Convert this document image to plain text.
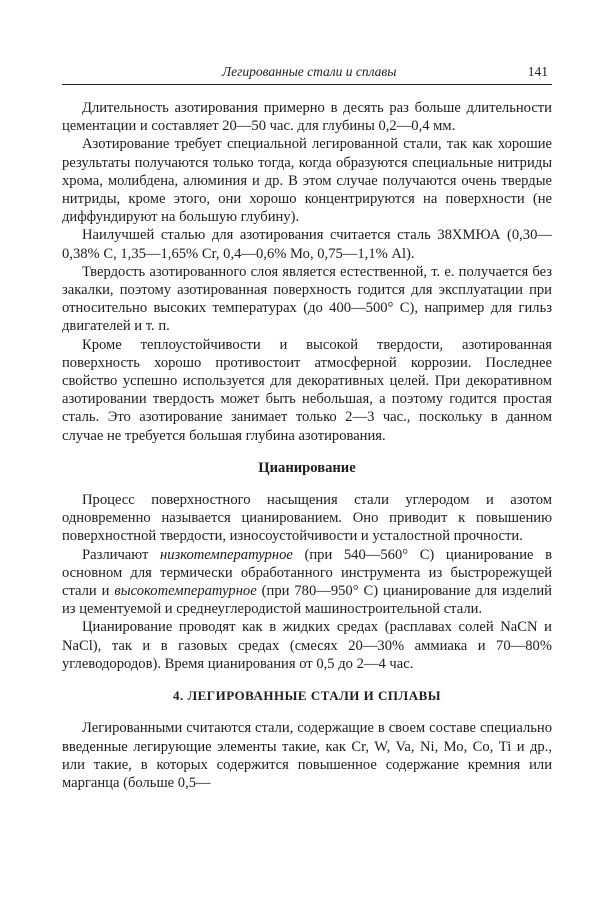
Легированные стали и сплавы	141

Длительность азотирования примерно в десять раз больше длительности цементации и составляет 20—50 час. для глубины 0,2—0,4 мм.

Азотирование требует специальной легированной стали, так как хорошие результаты получаются только тогда, когда образуются специальные нитриды хрома, молибдена, алюминия и др. В этом случае получаются очень твердые нитриды, кроме этого, они хорошо концентрируются на поверхности (не диффундируют на большую глубину).

Наилучшей сталью для азотирования считается сталь 38ХМЮА (0,30—0,38% С, 1,35—1,65% Сr, 0,4—0,6% Мо, 0,75—1,1% Аl).

Твердость азотированного слоя является естественной, т. е. получается без закалки, поэтому азотированная поверхность годится для эксплуатации при относительно высоких температурах (до 400—500° С), например для гильз двигателей и т. п.

Кроме теплоустойчивости и высокой твердости, азотированная поверхность хорошо противостоит атмосферной коррозии. Последнее свойство успешно используется для декоративных целей. При декоративном азотировании твердость может быть небольшая, а поэтому годится простая сталь. Это азотирование занимает только 2—3 час., поскольку в данном случае не требуется большая глубина азотирования.

Цианирование

Процесс поверхностного насыщения стали углеродом и азотом одновременно называется цианированием. Оно приводит к повышению поверхностной твердости, износоустойчивости и усталостной прочности.

Различают низкотемпературное (при 540—560° С) цианирование в основном для термически обработанного инструмента из быстрорежущей стали и высокотемпературное (при 780—950° С) цианирование для изделий из цементуемой и среднеуглеродистой машиностроительной стали.

Цианирование проводят как в жидких средах (расплавах солей NaCN и NaCl), так и в газовых средах (смесях 20—30% аммиака и 70—80% углеводородов). Время цианирования от 0,5 до 2—4 час.

4. ЛЕГИРОВАННЫЕ СТАЛИ И СПЛАВЫ

Легированными считаются стали, содержащие в своем составе специально введенные легирующие элементы такие, как Сr, W, Va, Ni, Мо, Со, Ti и др., или такие, в которых содержится повышенное содержание кремния или марганца (больше 0,5—
